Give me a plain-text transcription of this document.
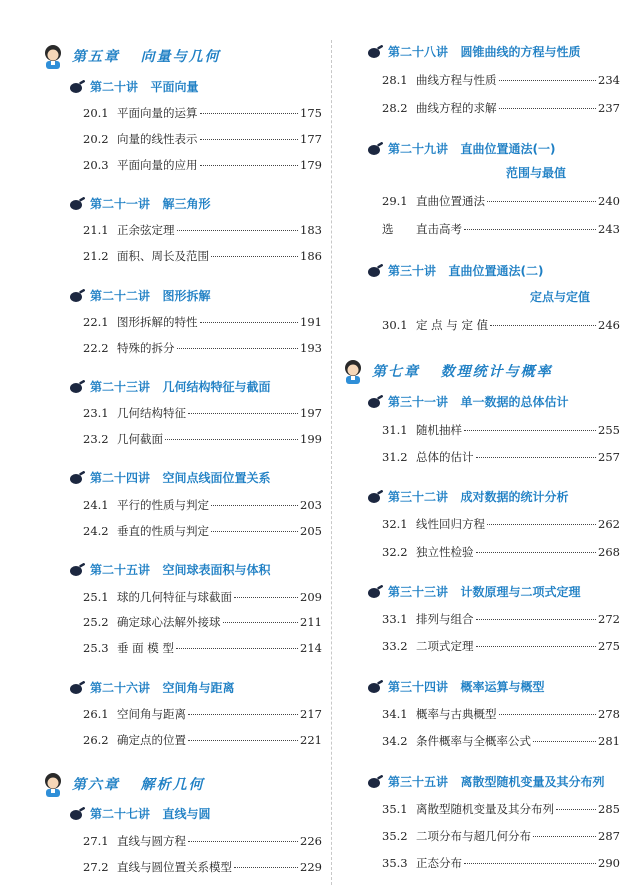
第五章   向量与几何
第二十讲   平面向量
20.1 平面向量的运算	175
20.2 向量的线性表示	177
20.3 平面向量的应用	179
第二十一讲   解三角形
21.1 正余弦定理	183
21.2 面积、周长及范围	186
第二十二讲   图形拆解
22.1 图形拆解的特性	191
22.2 特殊的拆分	193
第二十三讲   几何结构特征与截面
23.1 几何结构特征	197
23.2 几何截面	199
第二十四讲   空间点线面位置关系
24.1 平行的性质与判定	203
24.2 垂直的性质与判定	205
第二十五讲   空间球表面积与体积
25.1 球的几何特征与球截面	209
25.2 确定球心法解外接球	211
25.3 垂 面 模 型	214
第二十六讲   空间角与距离
26.1 空间角与距离	217
26.2 确定点的位置	221
第六章   解析几何
第二十七讲   直线与圆
27.1 直线与圆方程	226
27.2 直线与圆位置关系模型	229
第二十八讲   圆锥曲线的方程与性质
28.1 曲线方程与性质	234
28.2 曲线方程的求解	237
第二十九讲   直曲位置通法(一)
范围与最值
29.1 直曲位置通法	240
选	直击高考	243
第三十讲   直曲位置通法(二)
定点与定值
30.1 定 点 与 定 值	246
第七章   数理统计与概率
第三十一讲   单一数据的总体估计
31.1 随机抽样	255
31.2 总体的估计	257
第三十二讲   成对数据的统计分析
32.1 线性回归方程	262
32.2 独立性检验	268
第三十三讲   计数原理与二项式定理
33.1 排列与组合	272
33.2 二项式定理	275
第三十四讲   概率运算与概型
34.1 概率与古典概型	278
34.2 条件概率与全概率公式	281
第三十五讲   离散型随机变量及其分布列
35.1 离散型随机变量及其分布列	285
35.2 二项分布与超几何分布	287
35.3 正态分布	290
